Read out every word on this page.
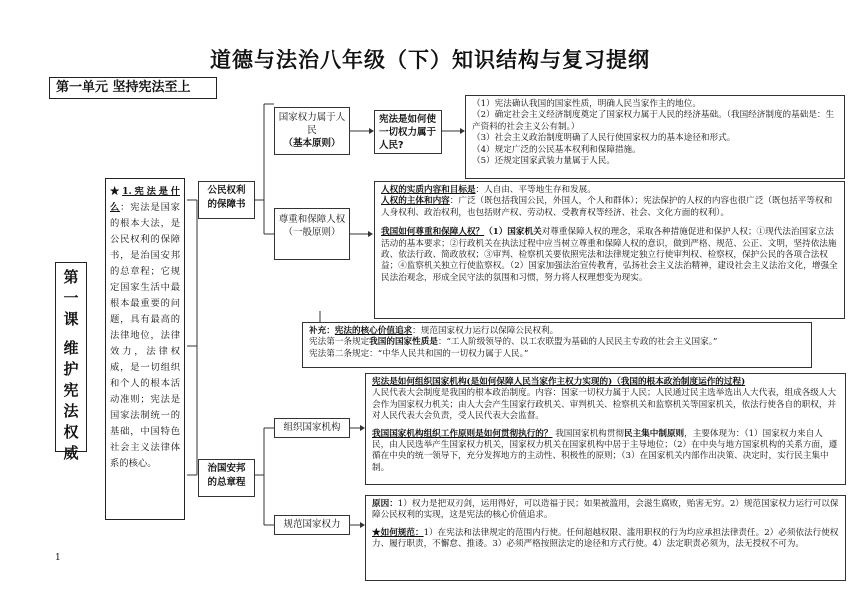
道德与法治八年级（下）知识结构与复习提纲
第一单元 坚持宪法至上
第
一
课
维
护
宪
法
权
威
★1.宪法是什么：宪法是国家的根本大法，是公民权利的保障书，是治国安邦的总章程；它规定国家生活中最根本最重要的问题，具有最高的法律地位，法律效力，法律权威，是一切组织和个人的根本活动准则；宪法是国家法制统一的基础，中国特色社会主义法律体系的核心。
公民权利的保障书
治国安邦的总章程
国家权力属于人民
（基本原则）
尊重和保障人权
（一般原则）
宪法是如何使一切权力属于人民?

（1）宪法确认我国的国家性质，明确人民当家作主的地位。

（2）确定社会主义经济制度奠定了国家权力属于人民的经济基础。（我国经济制度的基础是：生产资料的社会主义公有制。）

（3）社会主义政治制度明确了人民行使国家权力的基本途径和形式。

（4）规定广泛的公民基本权利和保障措施。

（5）还规定国家武装力量属于人民。

人权的实质内容和目标是：人自由、平等地生存和发展。

人权的主体和内容：广泛（既包括我国公民，外国人，个人和群体）；宪法保护的人权的内容也很广泛（既包括平等权和人身权利、政治权利，也包括财产权、劳动权、受教育权等经济、社会、文化方面的权利）。

我国如何尊重和保障人权？（1）国家机关对尊重保障人权的理念，采取各种措施促进和保护人权；①现代法治国家立法活动的基本要求；②行政机关在执法过程中应当树立尊重和保障人权的意识，做到严格、规范、公正、文明，坚持依法施政、依法行政、简政放权；③审判、检察机关要依照宪法和法律规定独立行使审判权、检察权，保护公民的各项合法权益；④监察机关独立行使监察权。（2）国家加强法治宣传教育，弘扬社会主义法治精神，建设社会主义法治文化，增强全民法治观念，形成全民守法的氛围和习惯，努力将人权理想变为现实。

补充：宪法的核心价值追求：规范国家权力运行以保障公民权利。

宪法第一条规定我国的国家性质是：“工人阶级领导的、以工农联盟为基础的人民民主专政的社会主义国家。”

宪法第二条规定：“中华人民共和国的一切权力属于人民。”

组织国家机构
规范国家权力

宪法是如何组织国家机构(是如何保障人民当家作主权力实现的)（我国的根本政治制度运作的过程)

人民代表大会制度是我国的根本政治制度。内容：国家一切权力属于人民；人民通过民主选举选出人大代表，组成各级人大会作为国家权力机关；由人大会产生国家行政机关、审判机关、检察机关和监察机关等国家机关，依法行使各自的职权，并对人民代表大会负责，受人民代表大会监督。

我国国家机构组织工作原则是如何贯彻执行的？ 我国国家机构贯彻民主集中制原则，主要体现为：（1）国家权力来自人民，由人民选举产生国家权力机关，国家权力机关在国家机构中居于主导地位；（2）在中央与地方国家机构的关系方面，遵循在中央的统一领导下，充分发挥地方的主动性、积极性的原则；（3）在国家机关内部作出决策、决定时，实行民主集中制。

原因：1）权力是把双刃剑，运用得好，可以造福于民；如果被滥用，会滋生腐败，贻害无穷。2）规范国家权力运行可以保障公民权利的实现，这是宪法的核心价值追求。

★如何规范：1）在宪法和法律规定的范围内行使。任何超越权限、滥用职权的行为均应承担法律责任。2）必须依法行使权力、履行职责，不懈怠、推诿。3）必须严格按照法定的途径和方式行使。4）法定职责必须为，法无授权不可为。

1
